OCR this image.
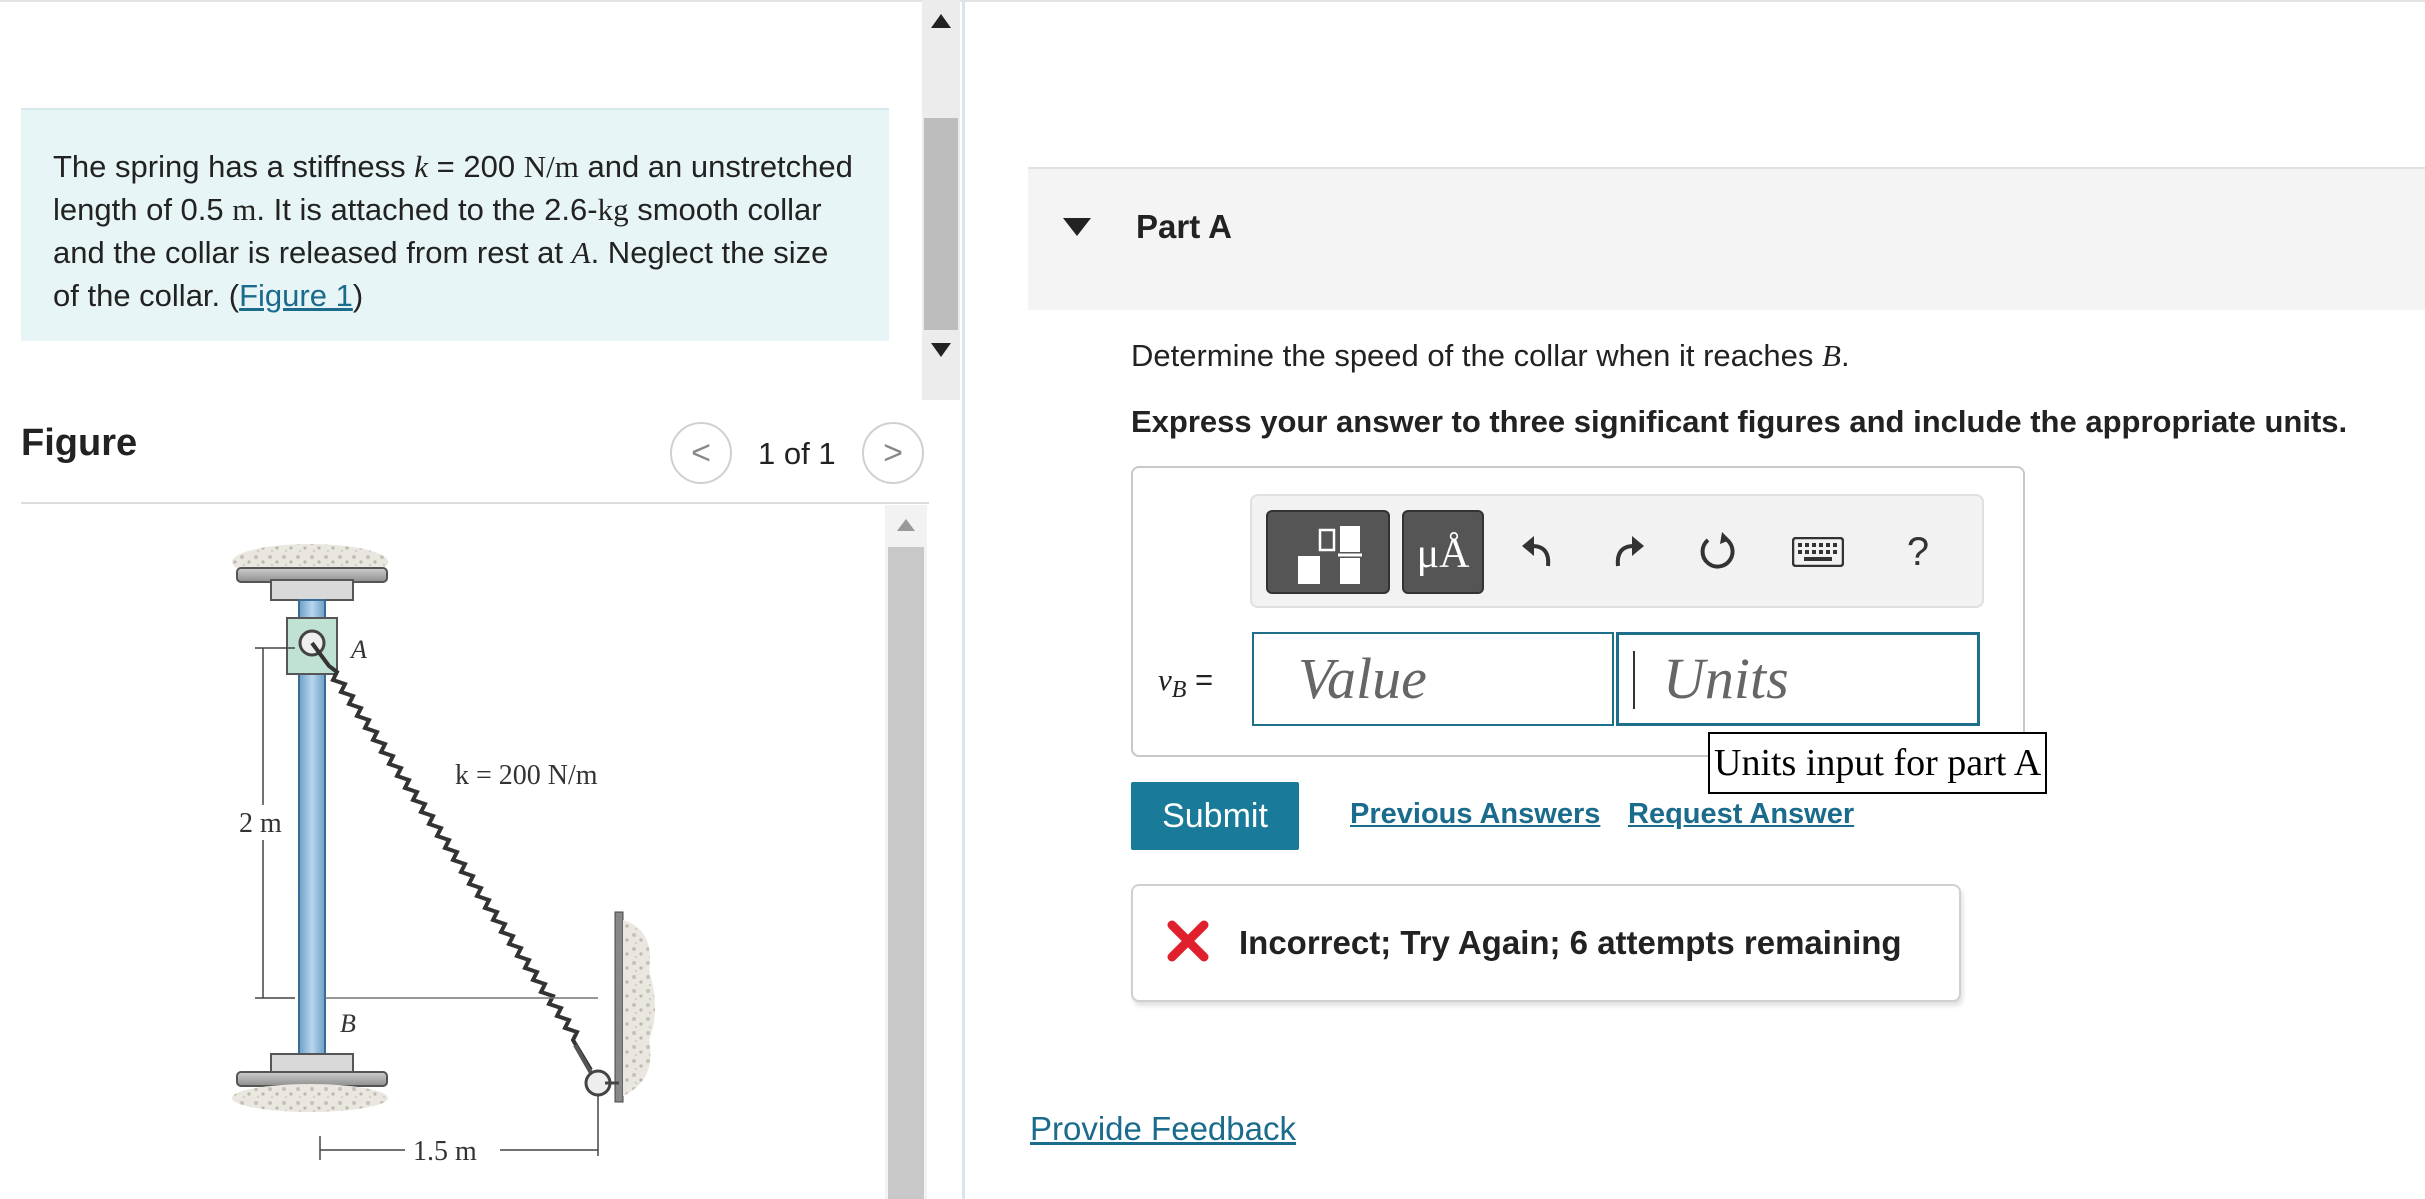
The spring has a stiffness k = 200 N/m and an unstretched length of 0.5 m. It is attached to the 2.6-kg smooth collar and the collar is released from rest at A. Neglect the size of the collar. (Figure 1)
Figure	< 1 of 1 >
2 m
1.5 m
A
B
k = 200 N/m
Part A
Determine the speed of the collar when it reaches B.
Express your answer to three significant figures and include the appropriate units.
μÅ	?
$v_B$ =	Value	Units
Units input for part A
Submit	Previous Answers Request Answer
Incorrect; Try Again; 6 attempts remaining
Provide Feedback
